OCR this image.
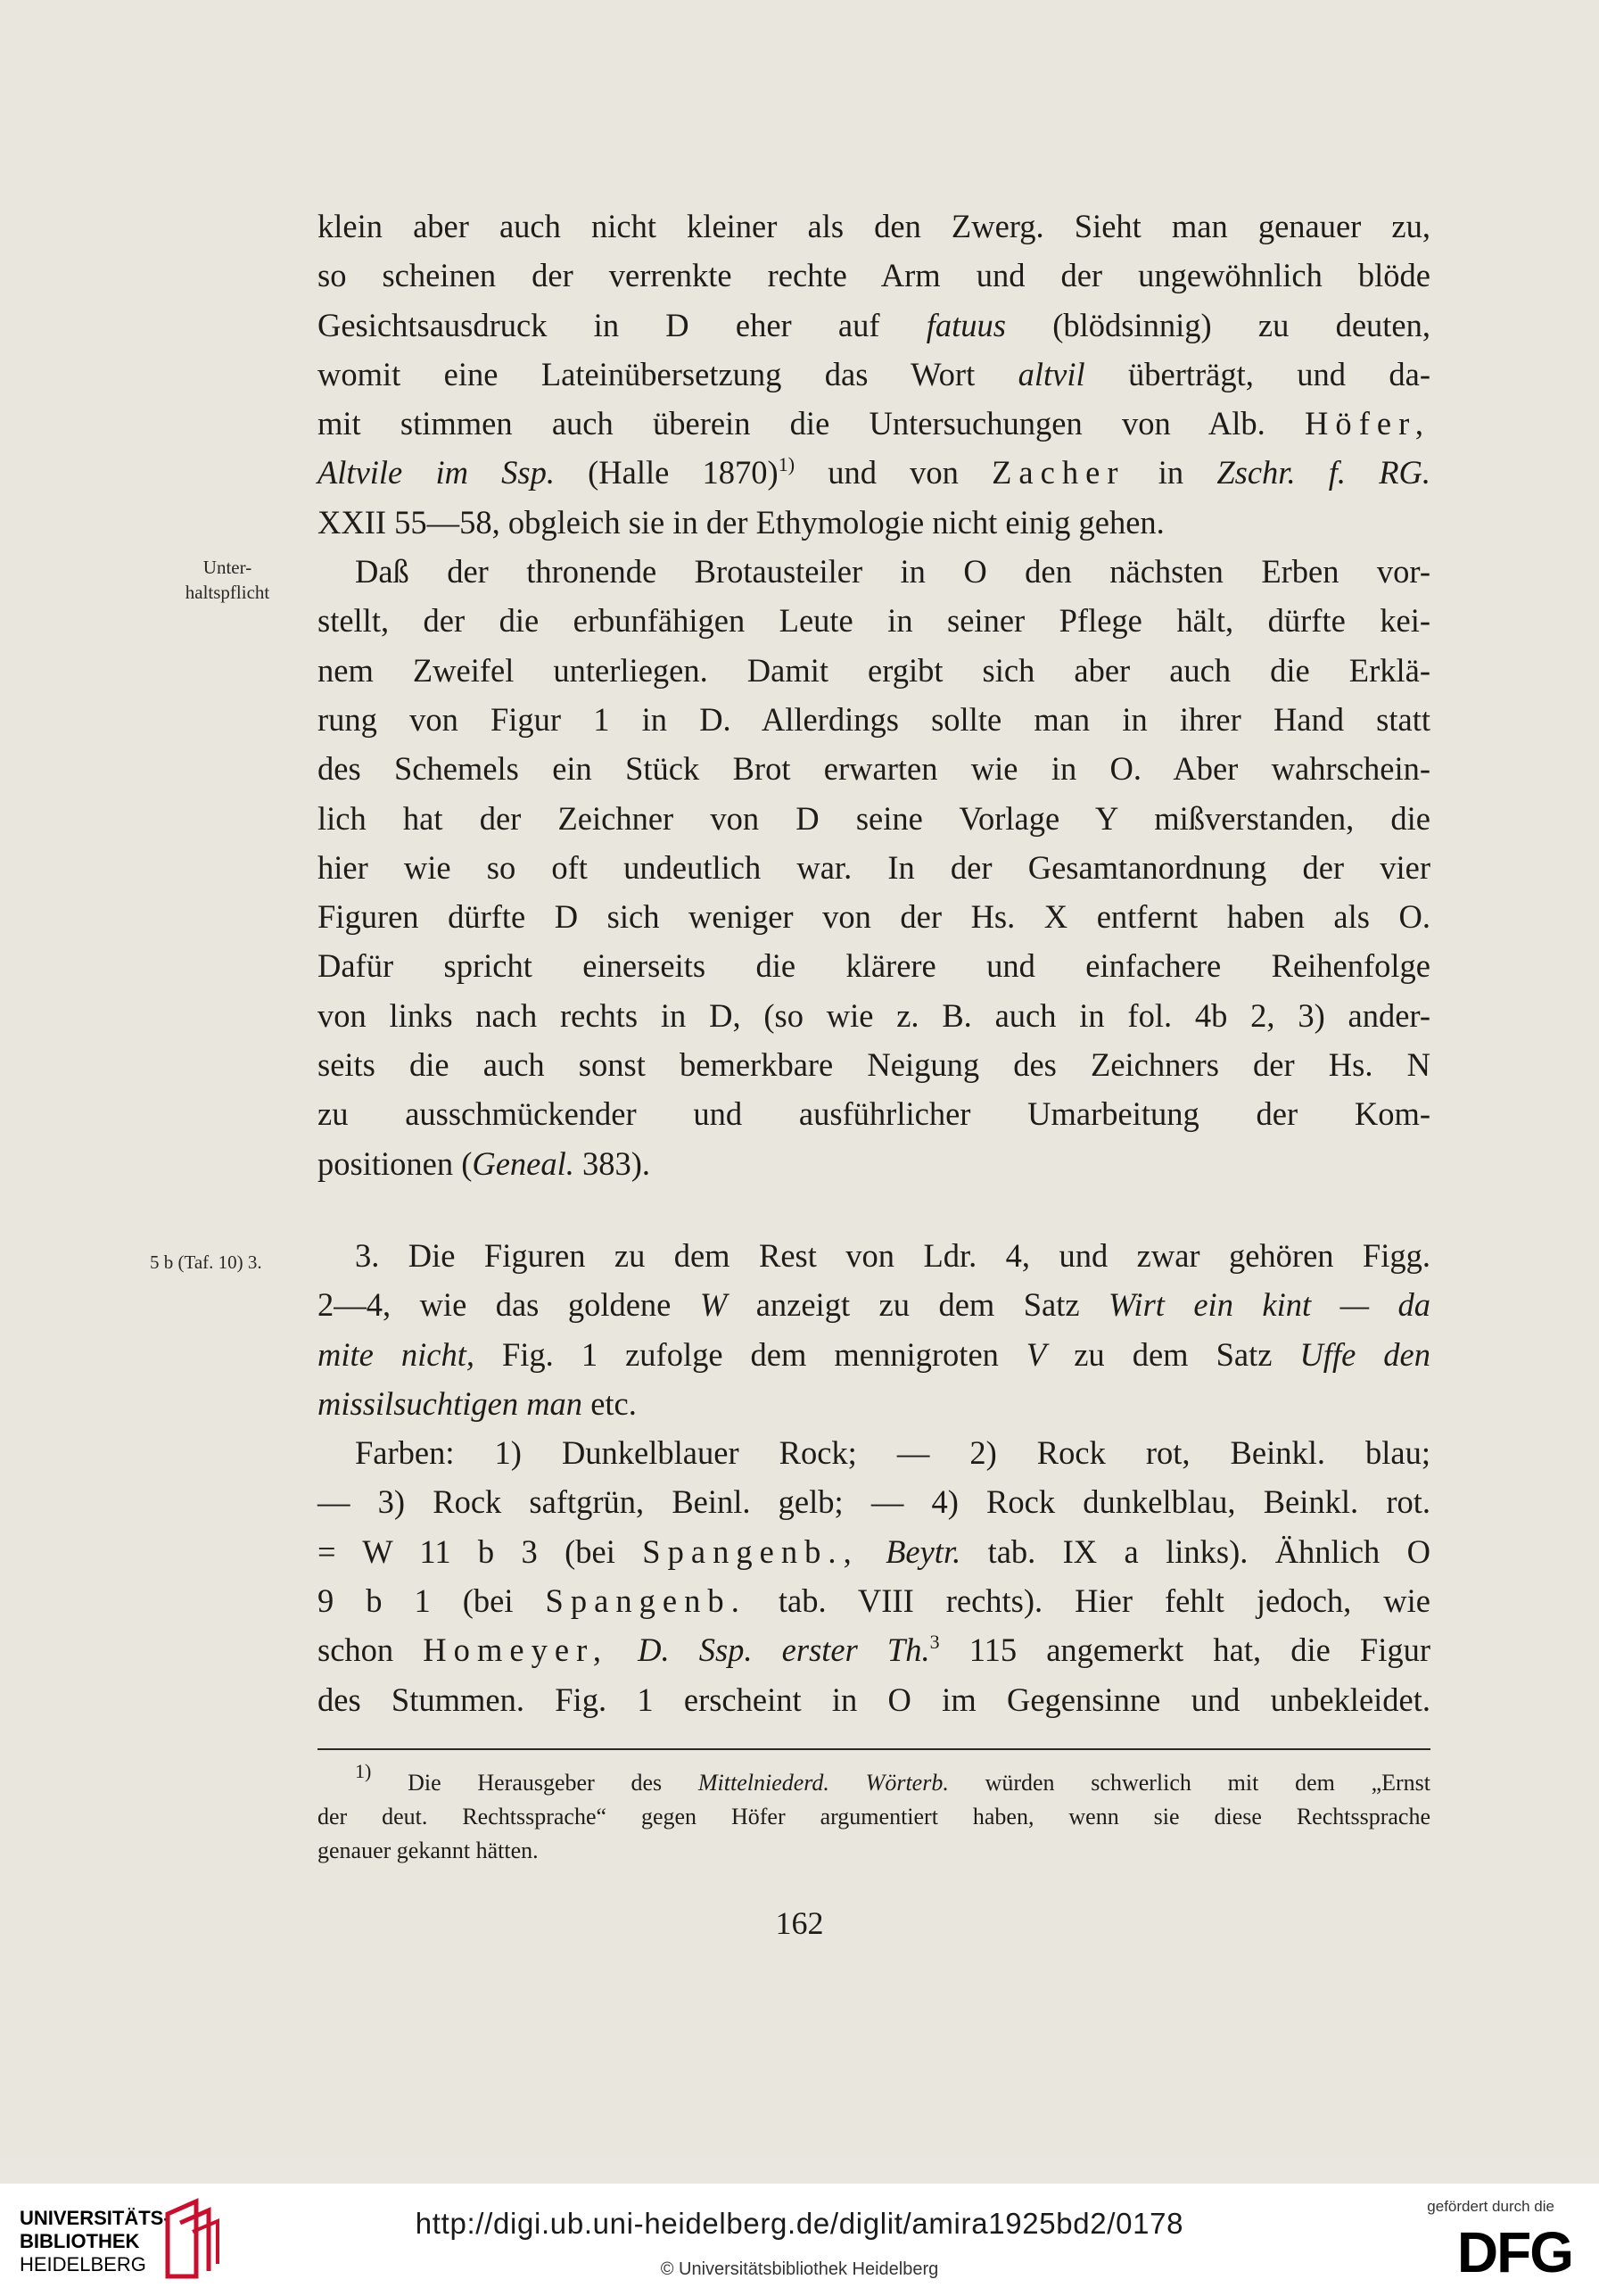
Unter-
haltspflicht
5 b (Taf. 10) 3.
klein aber auch nicht kleiner als den Zwerg. Sieht man genauer zu,
so scheinen der verrenkte rechte Arm und der ungewöhnlich blöde
Gesichtsausdruck in D eher auf fatuus (blödsinnig) zu deuten,
womit eine Lateinübersetzung das Wort altvil überträgt, und da-
mit stimmen auch überein die Untersuchungen von Alb. Höfer,
Altvile im Ssp. (Halle 1870)$^{1)}$ und von Zacher in Zschr. f. RG.
XXII 55—58, obgleich sie in der Ethymologie nicht einig gehen.
Daß der thronende Brotausteiler in O den nächsten Erben vor-
stellt, der die erbunfähigen Leute in seiner Pflege hält, dürfte kei-
nem Zweifel unterliegen. Damit ergibt sich aber auch die Erklä-
rung von Figur 1 in D. Allerdings sollte man in ihrer Hand statt
des Schemels ein Stück Brot erwarten wie in O. Aber wahrschein-
lich hat der Zeichner von D seine Vorlage Y mißverstanden, die
hier wie so oft undeutlich war. In der Gesamtanordnung der vier
Figuren dürfte D sich weniger von der Hs. X entfernt haben als O.
Dafür spricht einerseits die klärere und einfachere Reihenfolge
von links nach rechts in D, (so wie z. B. auch in fol. 4b 2, 3) ander-
seits die auch sonst bemerkbare Neigung des Zeichners der Hs. N
zu ausschmückender und ausführlicher Umarbeitung der Kom-
positionen (Geneal. 383).
3. Die Figuren zu dem Rest von Ldr. 4, und zwar gehören Figg.
2—4, wie das goldene W anzeigt zu dem Satz Wirt ein kint — da
mite nicht, Fig. 1 zufolge dem mennigroten V zu dem Satz Uffe den
missilsuchtigen man etc.
Farben: 1) Dunkelblauer Rock; — 2) Rock rot, Beinkl. blau;
— 3) Rock saftgrün, Beinl. gelb; — 4) Rock dunkelblau, Beinkl. rot.
= W 11 b 3 (bei Spangenb., Beytr. tab. IX a links). Ähnlich O
9 b 1 (bei Spangenb. tab. VIII rechts). Hier fehlt jedoch, wie
schon Homeyer, D. Ssp. erster Th.$^3$ 115 angemerkt hat, die Figur
des Stummen. Fig. 1 erscheint in O im Gegensinne und unbekleidet.
$^{1)}$ Die Herausgeber des Mittelniederd. Wörterb. würden schwerlich mit dem „Ernst
der deut. Rechtssprache“ gegen Höfer argumentiert haben, wenn sie diese Rechtssprache
genauer gekannt hätten.
162
UNIVERSITÄTS-
BIBLIOTHEK
HEIDELBERG
http://digi.ub.uni-heidelberg.de/diglit/amira1925bd2/0178
© Universitätsbibliothek Heidelberg
gefördert durch die
DFG
